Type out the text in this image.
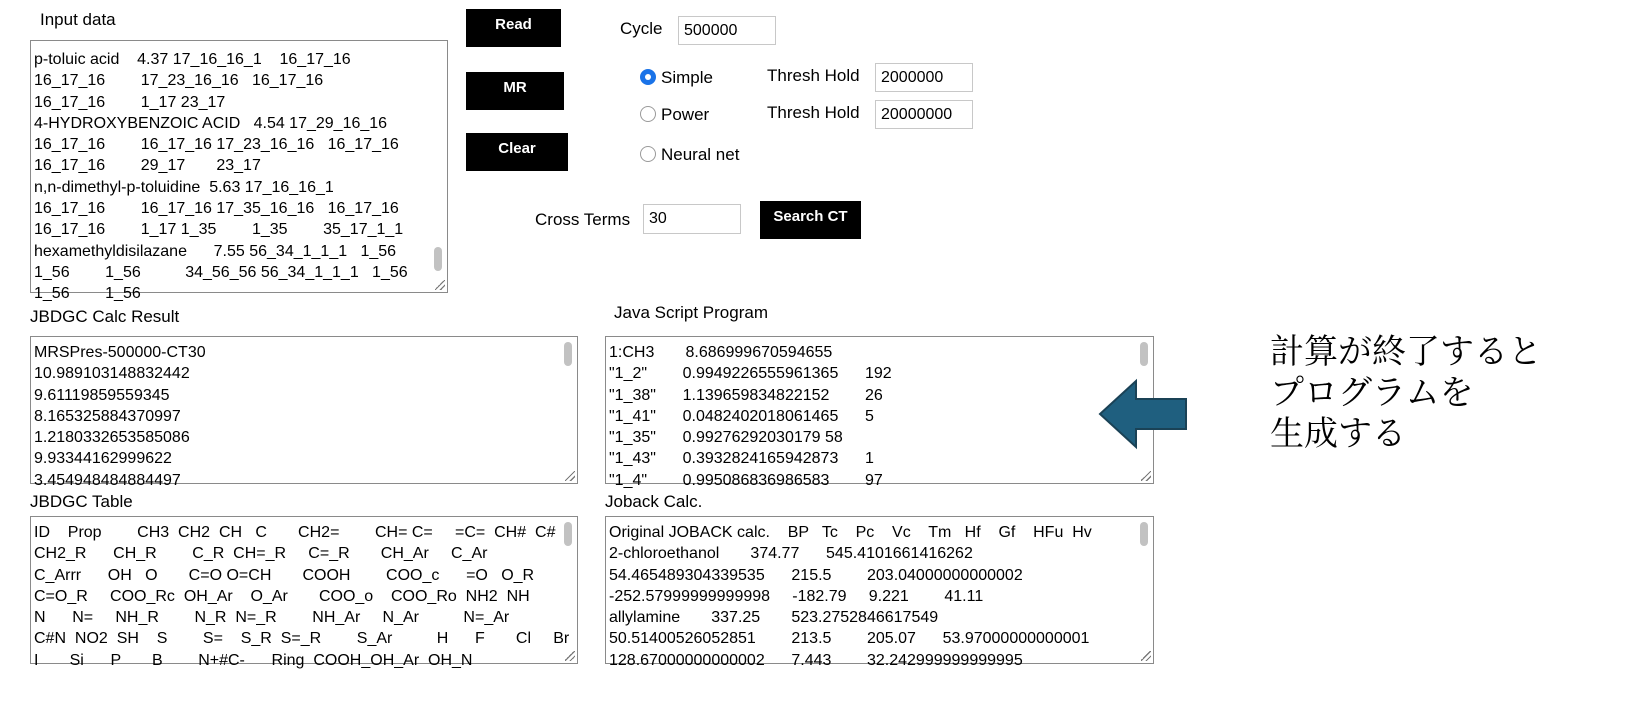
Input data
p-toluic acid    4.37 17_16_16_1    16_17_16
16_17_16        17_23_16_16   16_17_16
16_17_16        1_17 23_17
4-HYDROXYBENZOIC ACID   4.54 17_29_16_16
16_17_16        16_17_16 17_23_16_16   16_17_16
16_17_16        29_17       23_17
n,n-dimethyl-p-toluidine  5.63 17_16_16_1
16_17_16        16_17_16 17_35_16_16   16_17_16
16_17_16        1_17 1_35        1_35        35_17_1_1
hexamethyldisilazane      7.55 56_34_1_1_1   1_56
1_56        1_56          34_56_56 56_34_1_1_1   1_56
1_56        1_56
Read
MR
Clear
Cycle
500000
Simple	Thresh Hold
2000000
Power	Thresh Hold
20000000
Neural net
Cross Terms
30	Search CT
JBDGC Calc Result
MRSPres-500000-CT30
10.989103148832442
9.61119859559345
8.165325884370997
1.2180332653585086
9.93344162999622
3.454948484884497
Java Script Program
1:CH3       8.686999670594655
"1_2"        0.9949226555961365      192
"1_38"      1.139659834822152        26
"1_41"      0.0482402018061465      5
"1_35"      0.99276292030179 58
"1_43"      0.3932824165942873      1
"1_4"        0.995086836986583        97
JBDGC Table
ID    Prop        CH3  CH2  CH   C       CH2=        CH= C=     =C=  CH#  C#
CH2_R      CH_R        C_R  CH=_R     C=_R       CH_Ar     C_Ar
C_Arrr      OH   O       C=O O=CH       COOH        COO_c      =O   O_R
C=O_R     COO_Rc  OH_Ar    O_Ar       COO_o    COO_Ro  NH2  NH
N      N=     NH_R        N_R  N=_R        NH_Ar     N_Ar          N=_Ar
C#N  NO2  SH    S        S=    S_R  S=_R        S_Ar          H      F       Cl     Br
I       Si      P       B        N+#C-      Ring  COOH_OH_Ar  OH_N
Joback Calc.
Original JOBACK calc.    BP   Tc    Pc    Vc    Tm   Hf    Gf    HFu  Hv
2-chloroethanol       374.77      545.4101661416262
54.465489304339535      215.5        203.04000000000002
-252.57999999999998     -182.79     9.221        41.11
allylamine       337.25       523.2752846617549
50.51400526052851        213.5        205.07      53.97000000000001
128.67000000000002      7.443        32.242999999999995
計算が終了すると
プログラムを
生成する
